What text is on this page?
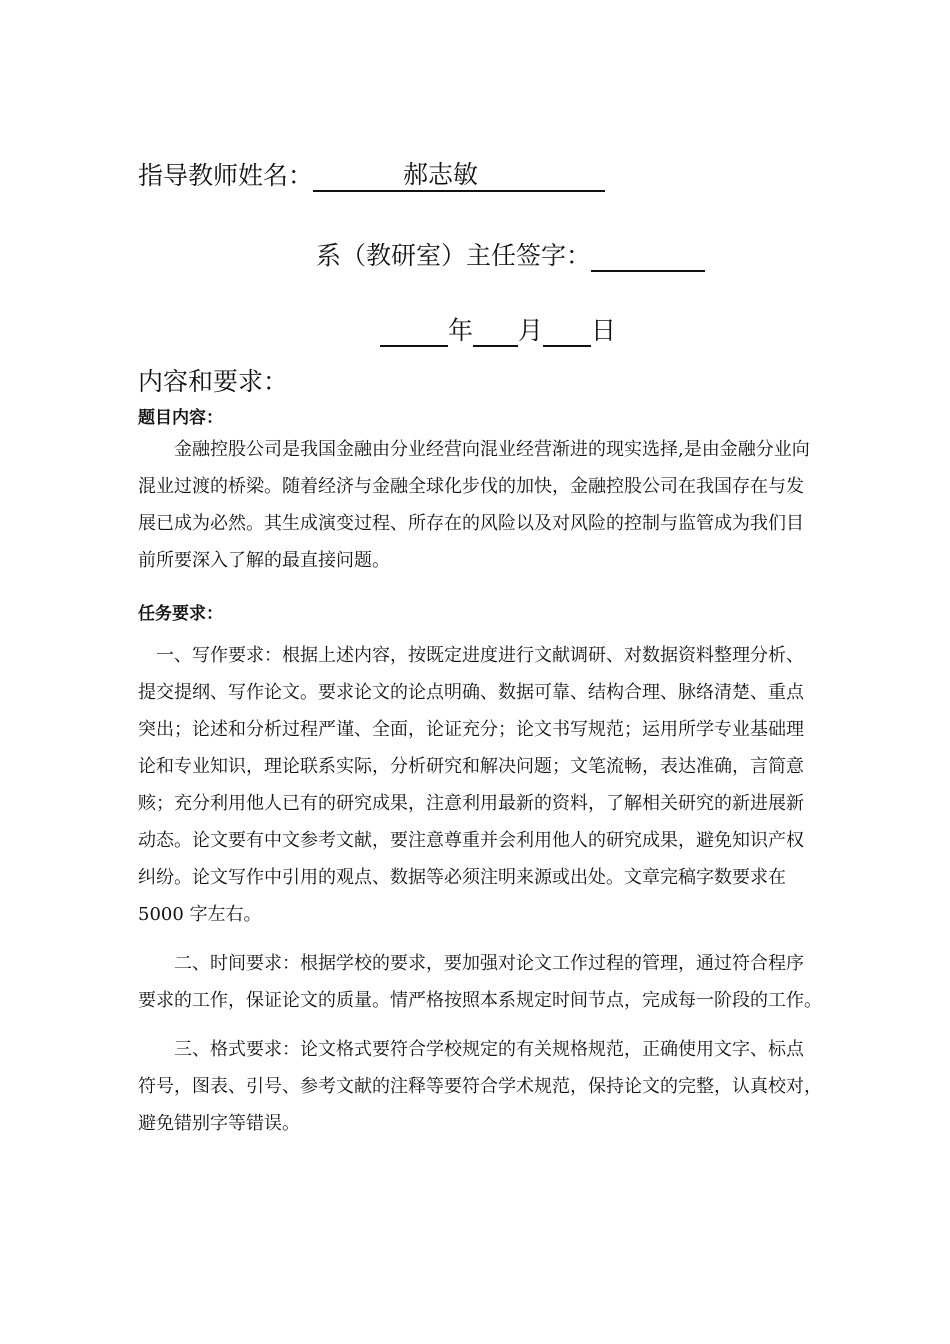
指导教师姓名：	郝志敏
系（教研室）主任签字：
年 月 日
内容和要求：
题目内容：
　　金融控股公司是我国金融由分业经营向混业经营渐进的现实选择,是由金融分业向
混业过渡的桥梁。随着经济与金融全球化步伐的加快，金融控股公司在我国存在与发
展已成为必然。其生成演变过程、所存在的风险以及对风险的控制与监管成为我们目
前所要深入了解的最直接问题。
任务要求：
　一、写作要求：根据上述内容，按既定进度进行文献调研、对数据资料整理分析、
提交提纲、写作论文。要求论文的论点明确、数据可靠、结构合理、脉络清楚、重点
突出；论述和分析过程严谨、全面，论证充分；论文书写规范；运用所学专业基础理
论和专业知识，理论联系实际，分析研究和解决问题；文笔流畅，表达准确，言简意
赅；充分利用他人已有的研究成果，注意利用最新的资料，了解相关研究的新进展新
动态。论文要有中文参考文献，要注意尊重并会利用他人的研究成果，避免知识产权
纠纷。论文写作中引用的观点、数据等必须注明来源或出处。文章完稿字数要求在
5000 字左右。
　　二、时间要求：根据学校的要求，要加强对论文工作过程的管理，通过符合程序
要求的工作，保证论文的质量。情严格按照本系规定时间节点，完成每一阶段的工作。
　　三、格式要求：论文格式要符合学校规定的有关规格规范，正确使用文字、标点
符号，图表、引号、参考文献的注释等要符合学术规范，保持论文的完整，认真校对，
避免错别字等错误。
